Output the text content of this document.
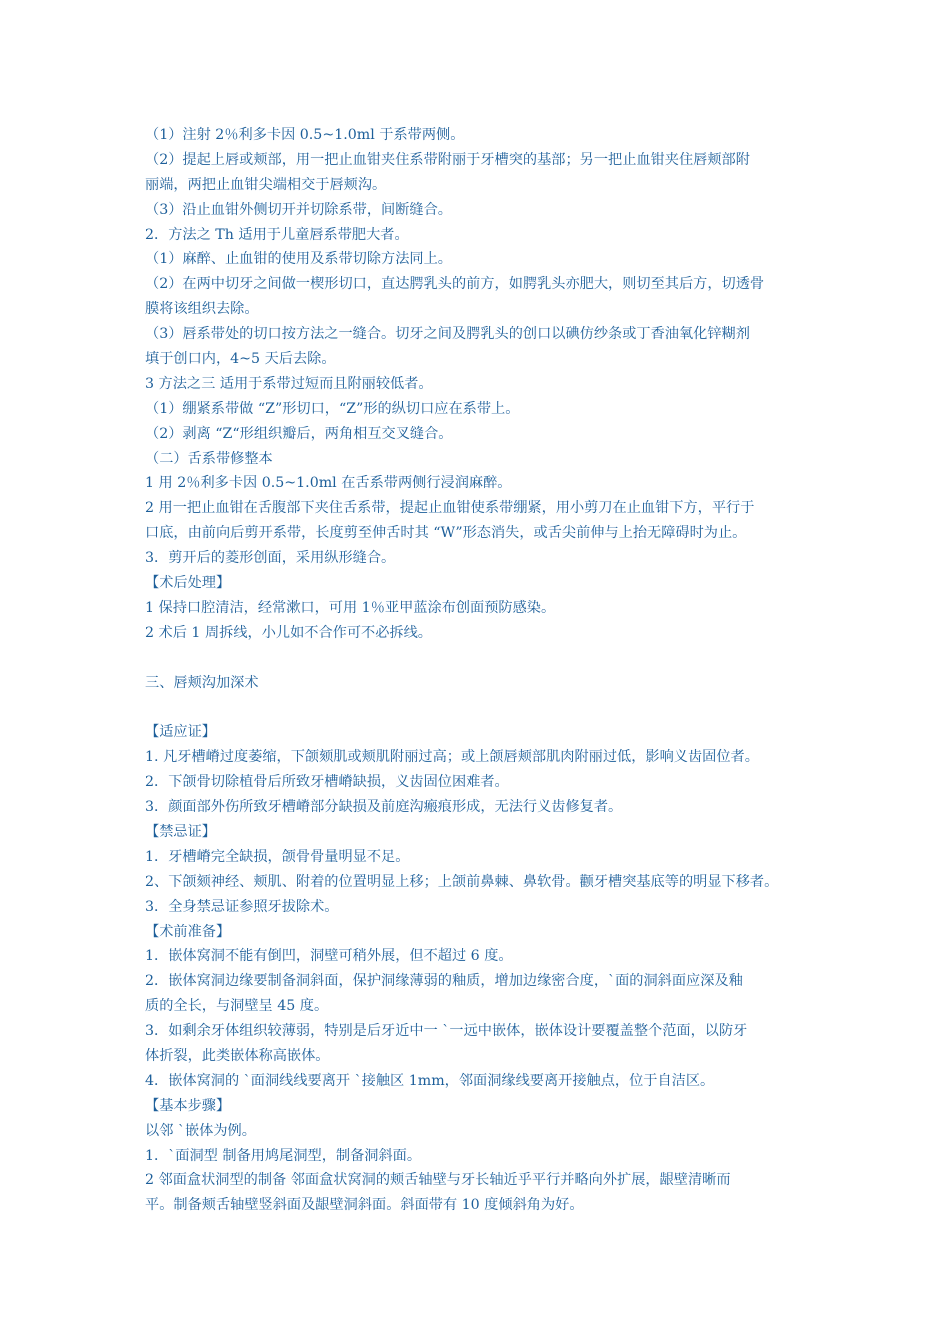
（1）注射 2％利多卡因 0.5~1.0ml 于系带两侧。
（2）提起上唇或颊部，用一把止血钳夹住系带附丽于牙槽突的基部；另一把止血钳夹住唇颊部附
丽端，两把止血钳尖端相交于唇颊沟。
（3）沿止血钳外侧切开并切除系带，间断缝合。
2．方法之 Th 适用于儿童唇系带肥大者。
（1）麻醉、止血钳的使用及系带切除方法同上。
（2）在两中切牙之间做一楔形切口，直达腭乳头的前方，如腭乳头亦肥大，则切至其后方，切透骨
膜将该组织去除。
（3）唇系带处的切口按方法之一缝合。切牙之间及腭乳头的创口以碘仿纱条或丁香油氧化锌糊剂
填于创口内，4~5 天后去除。
3 方法之三 适用于系带过短而且附丽较低者。
（1）绷紧系带做 “Z”形切口，“Z”形的纵切口应在系带上。
（2）剥离 “Z“形组织瓣后，两角相互交叉缝合。
（二）舌系带修整本
1 用 2％利多卡因 0.5~1.0ml 在舌系带两侧行浸润麻醉。
2 用一把止血钳在舌腹部下夹住舌系带，提起止血钳使系带绷紧，用小剪刀在止血钳下方，平行于
口底，由前向后剪开系带，长度剪至伸舌时其 “W”形态消失，或舌尖前伸与上抬无障碍时为止。
3．剪开后的菱形创面，采用纵形缝合。
【术后处理】
1 保持口腔清洁，经常漱口，可用 1％亚甲蓝涂布创面预防感染。
2 术后 1 周拆线，小儿如不合作可不必拆线。
三、唇颊沟加深术
【适应证】
1. 凡牙槽嵴过度萎缩，下颌颏肌或颊肌附丽过高；或上颌唇颊部肌肉附丽过低，影响义齿固位者。
2．下颌骨切除植骨后所致牙槽嵴缺损，义齿固位困难者。
3．颜面部外伤所致牙槽嵴部分缺损及前庭沟瘢痕形成，无法行义齿修复者。
【禁忌证】
1．牙槽嵴完全缺损，颌骨骨量明显不足。
2、下颌颏神经、颊肌、附着的位置明显上移；上颌前鼻棘、鼻软骨。颧牙槽突基底等的明显下移者。
3．全身禁忌证参照牙拔除术。
【术前准备】
1．嵌体窝洞不能有倒凹，洞壁可稍外展，但不超过 6 度。
2．嵌体窝洞边缘要制备洞斜面，保护洞缘薄弱的釉质，增加边缘密合度，`面的洞斜面应深及釉
质的全长，与洞壁呈 45 度。
3．如剩余牙体组织较薄弱，特别是后牙近中一 `一远中嵌体，嵌体设计要覆盖整个范面，以防牙
体折裂，此类嵌体称高嵌体。
4．嵌体窝洞的 `面洞线线要离开 `接触区 1mm，邻面洞缘线要离开接触点，位于自洁区。
【基本步骤】
以邻 `嵌体为例。
1．`面洞型 制备用鸠尾洞型，制备洞斜面。
2 邻面盒状洞型的制备 邻面盒状窝洞的颊舌轴壁与牙长轴近乎平行并略向外扩展，龈壁清晰而
平。制备颊舌轴壁竖斜面及龈壁洞斜面。斜面带有 10 度倾斜角为好。
